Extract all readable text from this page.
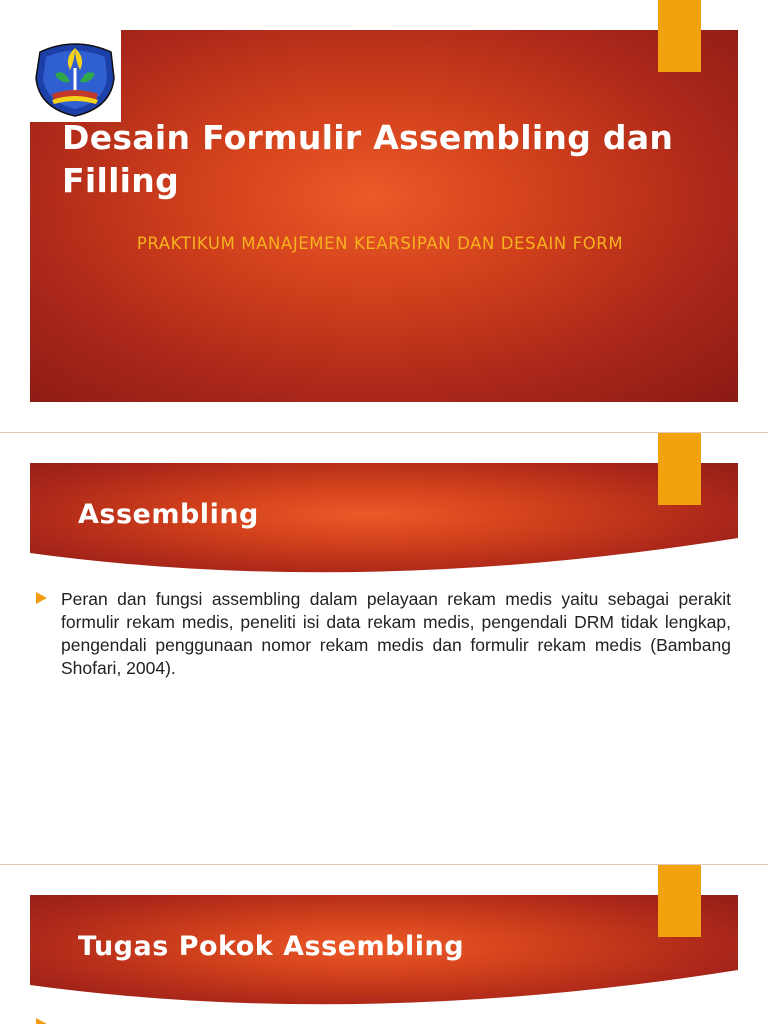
Desain Formulir Assembling dan Filling
PRAKTIKUM MANAJEMEN KEARSIPAN DAN DESAIN FORM
Assembling
Peran dan fungsi assembling dalam pelayaan rekam medis yaitu sebagai perakit formulir rekam medis, peneliti isi data rekam medis, pengendali DRM tidak lengkap, pengendali penggunaan nomor rekam medis dan formulir rekam medis (Bambang Shofari, 2004).
Tugas Pokok Assembling
